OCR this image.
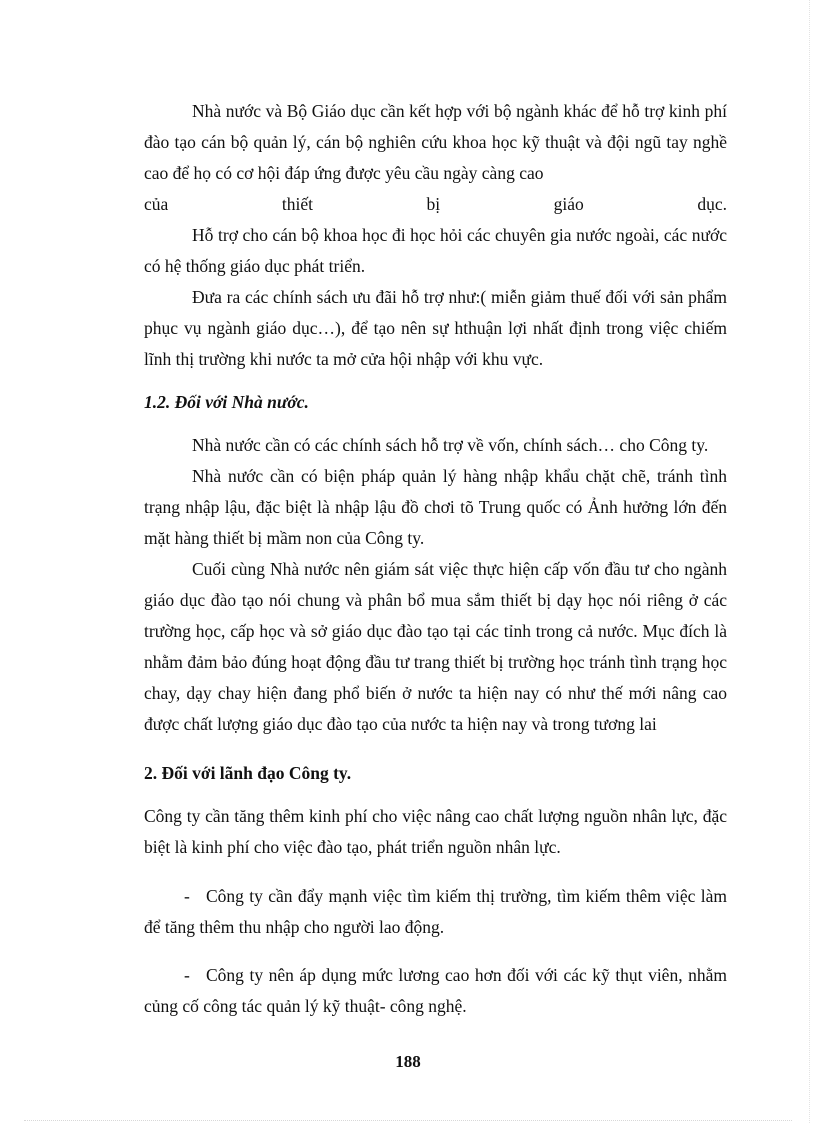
Nhà nước và Bộ Giáo dục cần kết hợp với bộ ngành khác để hỗ trợ kinh phí đào tạo cán bộ quản lý, cán bộ nghiên cứu khoa học kỹ thuật và đội ngũ tay nghề cao để họ có cơ hội đáp ứng được yêu cầu ngày càng cao

của thiết bị giáo dục.

Hỗ trợ cho cán bộ khoa học đi học hỏi các chuyên gia nước ngoài, các nước có hệ thống giáo dục phát triển.

Đưa ra các chính sách ưu đãi hỗ trợ như:( miễn giảm thuế đối với sản phẩm phục vụ ngành giáo dục…), để tạo nên sự hthuận lợi nhất định trong việc chiếm lĩnh thị trường khi nước ta mở cửa hội nhập với khu vực.

1.2. Đối với Nhà nước.

Nhà nước cần có các chính sách hỗ trợ về vốn, chính sách… cho Công ty.

Nhà nước cần có biện pháp quản lý hàng nhập khẩu chặt chẽ, tránh tình trạng nhập lậu, đặc biệt là nhập lậu đồ chơi tõ Trung quốc có Ảnh hưởng lớn đến mặt hàng thiết bị mầm non của Công ty.

Cuối cùng Nhà nước nên giám sát việc thực hiện cấp vốn đầu tư cho ngành giáo dục đào tạo nói chung và phân bổ mua sắm thiết bị dạy học nói riêng ở các trường học, cấp học và sở giáo dục đào tạo tại các tỉnh trong cả nước. Mục đích là nhằm đảm bảo đúng hoạt động đầu tư trang thiết bị trường học tránh tình trạng học chay, dạy chay hiện đang phổ biến ở nước ta hiện nay có như thế mới nâng cao được chất lượng giáo dục đào tạo của nước ta hiện nay và trong tương lai

2. Đối với lãnh đạo Công ty.

Công ty cần tăng thêm kinh phí cho việc nâng cao chất lượng nguồn nhân lực, đặc biệt là kinh phí cho việc đào tạo, phát triển nguồn nhân lực.

- Công ty cần đẩy mạnh việc tìm kiếm thị trường, tìm kiếm thêm việc làm để tăng thêm thu nhập cho người lao động.

- Công ty nên áp dụng mức lương cao hơn đối với các kỹ thụt viên, nhằm củng cố công tác quản lý kỹ thuật- công nghệ.

188
